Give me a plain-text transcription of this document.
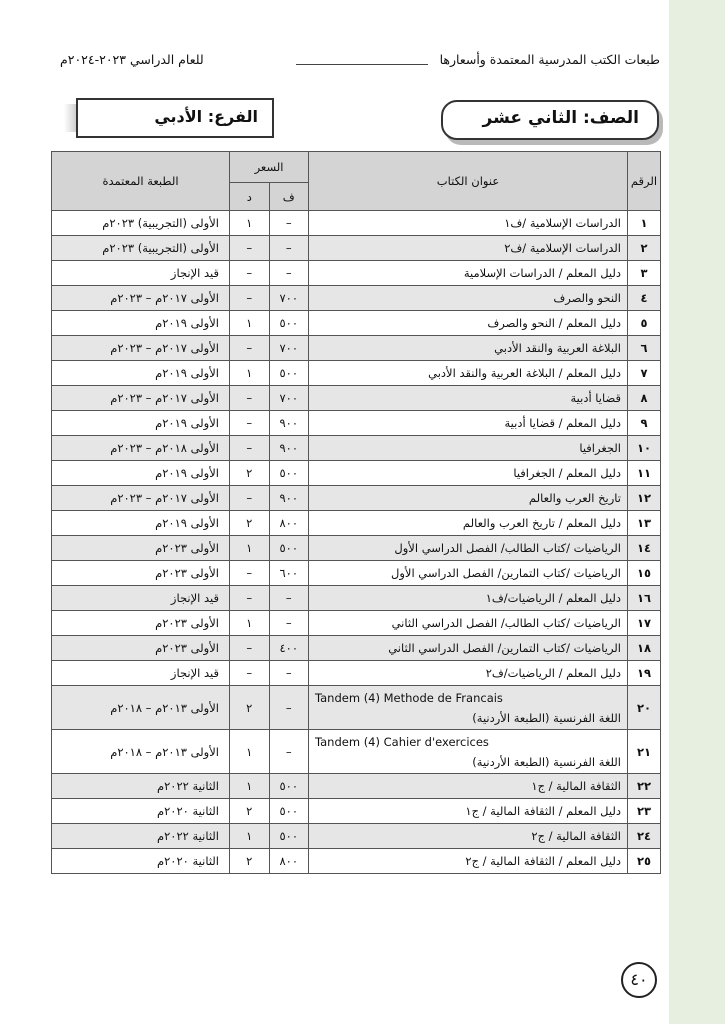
طبعات الكتب المدرسية المعتمدة وأسعارها
للعام الدراسي ٢٠٢٣-٢٠٢٤م
الصف: الثاني عشر
الفرع: الأدبي
الرقم	عنوان الكتاب	السعر		الطبعة المعتمدة
		ف	د	
١	الدراسات الإسلامية /ف١	–	١	الأولى (التجريبية) ٢٠٢٣م
٢	الدراسات الإسلامية /ف٢	–	–	الأولى (التجريبية) ٢٠٢٣م
٣	دليل المعلم / الدراسات الإسلامية	–	–	قيد الإنجاز
٤	النحو والصرف	٧٠٠	–	الأولى ٢٠١٧م – ٢٠٢٣م
٥	دليل المعلم / النحو والصرف	٥٠٠	١	الأولى ٢٠١٩م
٦	البلاغة العربية والنقد الأدبي	٧٠٠	–	الأولى ٢٠١٧م – ٢٠٢٣م
٧	دليل المعلم / البلاغة العربية والنقد الأدبي	٥٠٠	١	الأولى ٢٠١٩م
٨	قضايا أدبية	٧٠٠	–	الأولى ٢٠١٧م – ٢٠٢٣م
٩	دليل المعلم / قضايا أدبية	٩٠٠	–	الأولى ٢٠١٩م
١٠	الجغرافيا	٩٠٠	–	الأولى ٢٠١٨م – ٢٠٢٣م
١١	دليل المعلم / الجغرافيا	٥٠٠	٢	الأولى ٢٠١٩م
١٢	تاريخ العرب والعالم	٩٠٠	–	الأولى ٢٠١٧م – ٢٠٢٣م
١٣	دليل المعلم / تاريخ العرب والعالم	٨٠٠	٢	الأولى ٢٠١٩م
١٤	الرياضيات /كتاب الطالب/ الفصل الدراسي الأول	٥٠٠	١	الأولى ٢٠٢٣م
١٥	الرياضيات /كتاب التمارين/ الفصل الدراسي الأول	٦٠٠	–	الأولى ٢٠٢٣م
١٦	دليل المعلم / الرياضيات/ف١	–	–	قيد الإنجاز
١٧	الرياضيات /كتاب الطالب/ الفصل الدراسي الثاني	–	١	الأولى ٢٠٢٣م
١٨	الرياضيات /كتاب التمارين/ الفصل الدراسي الثاني	٤٠٠	–	الأولى ٢٠٢٣م
١٩	دليل المعلم / الرياضيات/ف٢	–	–	قيد الإنجاز
٢٠	Tandem (4) Methode de Francais
اللغة الفرنسية (الطبعة الأردنية)	–	٢	الأولى ٢٠١٣م – ٢٠١٨م
٢١	Tandem (4) Cahier d'exercices
اللغة الفرنسية (الطبعة الأردنية)	–	١	الأولى ٢٠١٣م – ٢٠١٨م
٢٢	الثقافة المالية / ج١	٥٠٠	١	الثانية ٢٠٢٢م
٢٣	دليل المعلم / الثقافة المالية / ج١	٥٠٠	٢	الثانية ٢٠٢٠م
٢٤	الثقافة المالية / ج٢	٥٠٠	١	الثانية ٢٠٢٢م
٢٥	دليل المعلم / الثقافة المالية / ج٢	٨٠٠	٢	الثانية ٢٠٢٠م
٤٠
